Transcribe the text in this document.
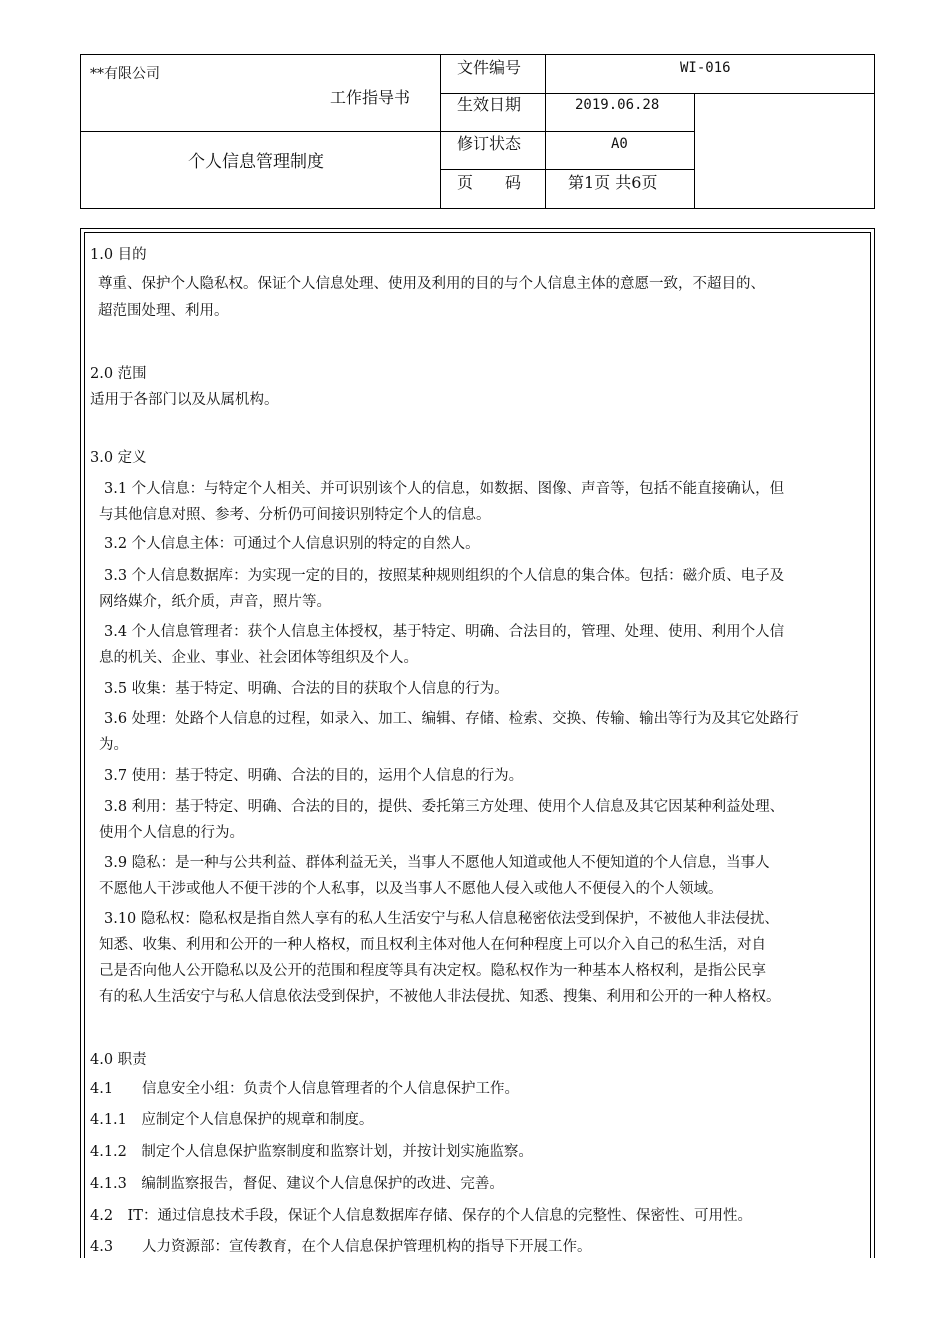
**有限公司
工作指导书
个人信息管理制度
文件编号	WI-016
生效日期	2019.06.28
修订状态	A0
页　　码	第1页 共6页
1.0 目的
尊重、保护个人隐私权。保证个人信息处理、使用及利用的目的与个人信息主体的意愿一致，不超目的、
超范围处理、利用。
2.0 范围
适用于各部门以及从属机构。
3.0 定义
3.1 个人信息：与特定个人相关、并可识别该个人的信息，如数据、图像、声音等，包括不能直接确认，但
与其他信息对照、参考、分析仍可间接识别特定个人的信息。
3.2 个人信息主体：可通过个人信息识别的特定的自然人。
3.3 个人信息数据库：为实现一定的目的，按照某种规则组织的个人信息的集合体。包括：磁介质、电子及
网络媒介，纸介质，声音，照片等。
3.4 个人信息管理者：获个人信息主体授权，基于特定、明确、合法目的，管理、处理、使用、利用个人信
息的机关、企业、事业、社会团体等组织及个人。
3.5 收集：基于特定、明确、合法的目的获取个人信息的行为。
3.6 处理：处路个人信息的过程，如录入、加工、编辑、存储、检索、交换、传输、输出等行为及其它处路行
为。
3.7 使用：基于特定、明确、合法的目的，运用个人信息的行为。
3.8 利用：基于特定、明确、合法的目的，提供、委托第三方处理、使用个人信息及其它因某种利益处理、
使用个人信息的行为。
3.9 隐私：是一种与公共利益、群体利益无关，当事人不愿他人知道或他人不便知道的个人信息，当事人
不愿他人干涉或他人不便干涉的个人私事，以及当事人不愿他人侵入或他人不便侵入的个人领域。
3.10 隐私权：隐私权是指自然人享有的私人生活安宁与私人信息秘密依法受到保护，不被他人非法侵扰、
知悉、收集、利用和公开的一种人格权，而且权利主体对他人在何种程度上可以介入自己的私生活，对自
己是否向他人公开隐私以及公开的范围和程度等具有决定权。隐私权作为一种基本人格权利，是指公民享
有的私人生活安宁与私人信息依法受到保护，不被他人非法侵扰、知悉、搜集、利用和公开的一种人格权。
4.0 职责
4.1　　信息安全小组：负责个人信息管理者的个人信息保护工作。
4.1.1　应制定个人信息保护的规章和制度。
4.1.2　制定个人信息保护监察制度和监察计划，并按计划实施监察。
4.1.3　编制监察报告，督促、建议个人信息保护的改进、完善。
4.2　IT：通过信息技术手段，保证个人信息数据库存储、保存的个人信息的完整性、保密性、可用性。
4.3　　人力资源部：宣传教育，在个人信息保护管理机构的指导下开展工作。
